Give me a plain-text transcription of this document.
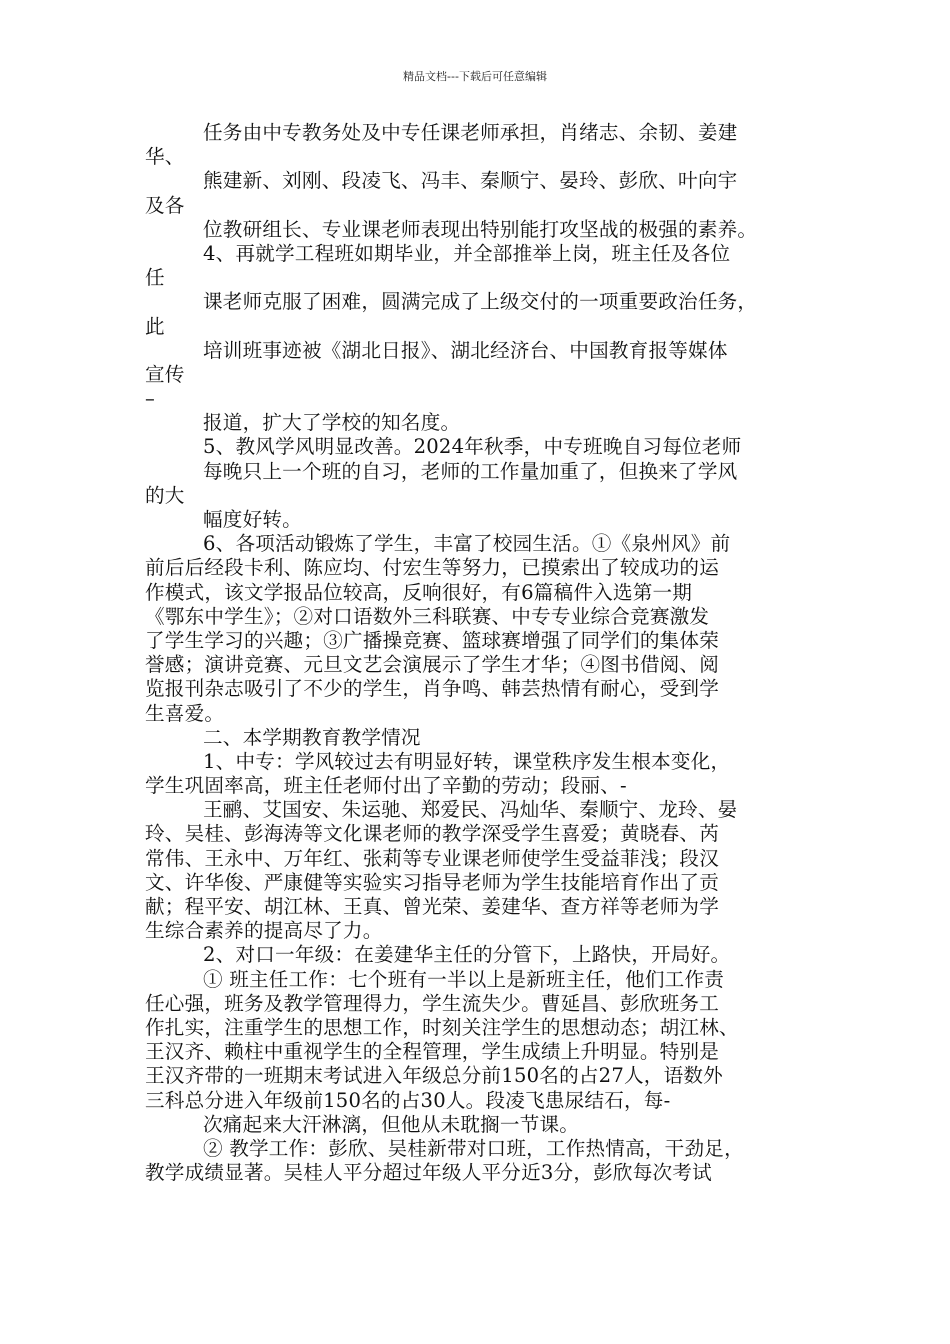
精品文档---下载后可任意编辑
任务由中专教务处及中专任课老师承担，肖绪志、余韧、姜建
华、
熊建新、刘刚、段凌飞、冯丰、秦顺宁、晏玲、彭欣、叶向宇
及各
位教研组长、专业课老师表现出特别能打攻坚战的极强的素养。
4、再就学工程班如期毕业，并全部推举上岗，班主任及各位
任
课老师克服了困难，圆满完成了上级交付的一项重要政治任务，
此
培训班事迹被《湖北日报》、湖北经济台、中国教育报等媒体
宣传
–
报道，扩大了学校的知名度。
5、教风学风明显改善。2024年秋季，中专班晚自习每位老师
每晚只上一个班的自习，老师的工作量加重了，但换来了学风
的大
幅度好转。
6、各项活动锻炼了学生，丰富了校园生活。①《泉州风》前
前后后经段卡利、陈应均、付宏生等努力，已摸索出了较成功的运
作模式，该文学报品位较高，反响很好，有6篇稿件入选第一期
《鄂东中学生》；②对口语数外三科联赛、中专专业综合竞赛激发
了学生学习的兴趣；③广播操竞赛、篮球赛增强了同学们的集体荣
誉感；演讲竞赛、元旦文艺会演展示了学生才华；④图书借阅、阅
览报刊杂志吸引了不少的学生，肖争鸣、韩芸热情有耐心，受到学
生喜爱。
二、本学期教育教学情况
1、中专：学风较过去有明显好转，课堂秩序发生根本变化，
学生巩固率高，班主任老师付出了辛勤的劳动；段丽、-
王鹂、艾国安、朱运驰、郑爱民、冯灿华、秦顺宁、龙玲、晏
玲、吴桂、彭海涛等文化课老师的教学深受学生喜爱；黄晓春、芮
常伟、王永中、万年红、张莉等专业课老师使学生受益菲浅；段汉
文、许华俊、严康健等实验实习指导老师为学生技能培育作出了贡
献；程平安、胡江林、王真、曾光荣、姜建华、查方祥等老师为学
生综合素养的提高尽了力。
2、对口一年级：在姜建华主任的分管下，上路快，开局好。
① 班主任工作：七个班有一半以上是新班主任，他们工作责
任心强，班务及教学管理得力，学生流失少。曹延昌、彭欣班务工
作扎实，注重学生的思想工作，时刻关注学生的思想动态；胡江林、
王汉齐、赖柱中重视学生的全程管理，学生成绩上升明显。特别是
王汉齐带的一班期末考试进入年级总分前150名的占27人，语数外
三科总分进入年级前150名的占30人。段凌飞患尿结石，每-
次痛起来大汗淋漓，但他从未耽搁一节课。
② 教学工作：彭欣、吴桂新带对口班，工作热情高，干劲足，
教学成绩显著。吴桂人平分超过年级人平分近3分，彭欣每次考试
